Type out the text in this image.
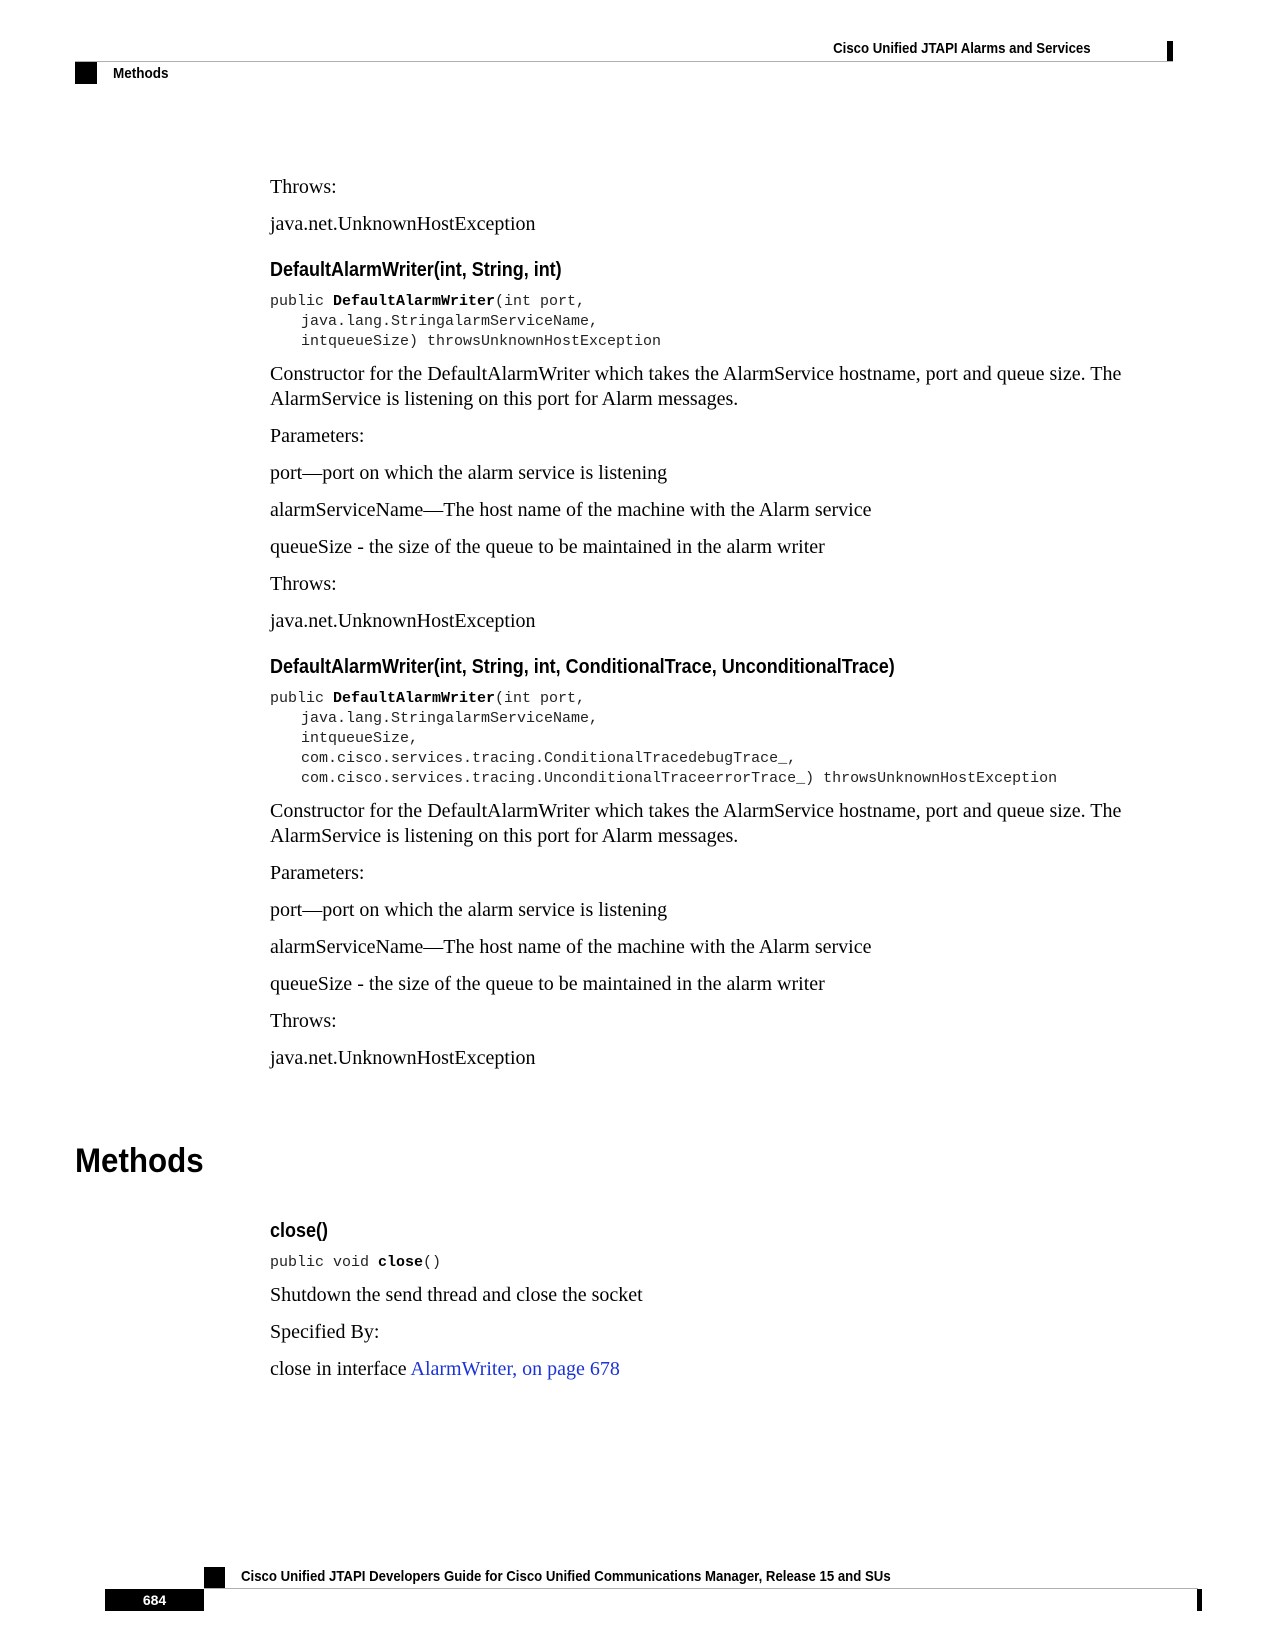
Cisco Unified JTAPI Alarms and Services
Methods

Throws:

java.net.UnknownHostException

DefaultAlarmWriter(int, String, int)
public DefaultAlarmWriter(int port,
java.lang.StringalarmServiceName,
intqueueSize) throwsUnknownHostException

Constructor for the DefaultAlarmWriter which takes the AlarmService hostname, port and queue size. The AlarmService is listening on this port for Alarm messages.

Parameters:

port—port on which the alarm service is listening

alarmServiceName—The host name of the machine with the Alarm service

queueSize - the size of the queue to be maintained in the alarm writer

Throws:

java.net.UnknownHostException

DefaultAlarmWriter(int, String, int, ConditionalTrace, UnconditionalTrace)
public DefaultAlarmWriter(int port,
java.lang.StringalarmServiceName,
intqueueSize,
com.cisco.services.tracing.ConditionalTracedebugTrace_,
com.cisco.services.tracing.UnconditionalTraceerrorTrace_) throwsUnknownHostException

Constructor for the DefaultAlarmWriter which takes the AlarmService hostname, port and queue size. The AlarmService is listening on this port for Alarm messages.

Parameters:

port—port on which the alarm service is listening

alarmServiceName—The host name of the machine with the Alarm service

queueSize - the size of the queue to be maintained in the alarm writer

Throws:

java.net.UnknownHostException

Methods
close()
public void close()

Shutdown the send thread and close the socket

Specified By:

close in interface AlarmWriter, on page 678

Cisco Unified JTAPI Developers Guide for Cisco Unified Communications Manager, Release 15 and SUs
684
